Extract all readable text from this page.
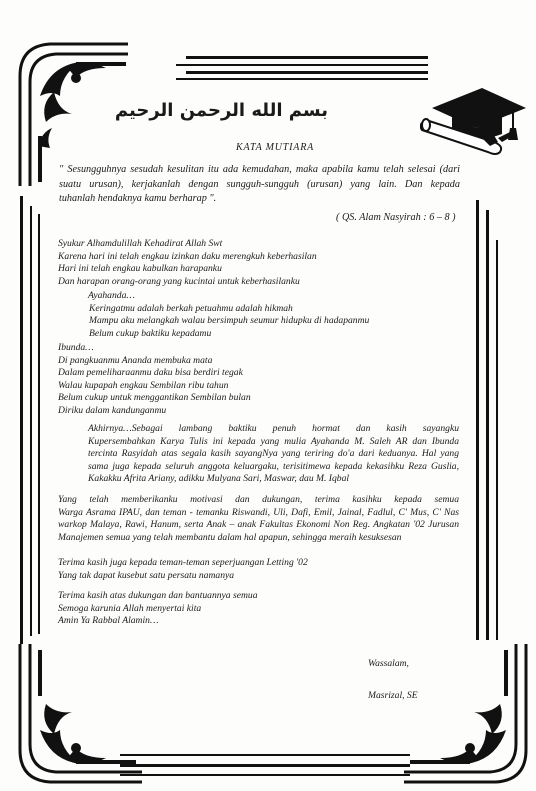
بسم الله الرحمن الرحيم
KATA MUTIARA
" Sesungguhnya sesudah kesulitan itu ada kemudahan, maka apabila kamu telah selesai (dari
suatu urusan), kerjakanlah dengan sungguh-sungguh (urusan) yang lain. Dan kepada
tuhanlah hendaknya kamu berharap ".
( QS. Alam Nasyirah : 6 – 8 )
Syukur Alhamdulillah Kehadirat Allah Swt
Karena hari ini telah engkau izinkan daku merengkuh keberhasilan
Hari ini telah engkau kabulkan harapanku
Dan harapan orang-orang yang kucintai untuk keberhasilanku
Ayahanda…
Keringatmu adalah berkah petuahmu adalah hikmah
Mampu aku melangkah walau bersimpuh seumur hidupku di hadapanmu
Belum cukup baktiku kepadamu
Ibunda…
Di pangkuanmu Ananda membuka mata
Dalam pemeliharaanmu daku bisa berdiri tegak
Walau kupapah engkau Sembilan ribu tahun
Belum cukup untuk menggantikan Sembilan bulan
Diriku dalam kandunganmu
Akhirnya…Sebagai lambang baktiku penuh hormat dan kasih sayangku
Kupersembahkan Karya Tulis ini kepada yang mulia Ayahanda M. Saleh AR dan Ibunda
tercinta Rasyidah atas segala kasih sayangNya yang teriring do'a dari keduanya. Hal yang
sama juga kepada seluruh anggota keluargaku, terisitimewa kepada kekasihku Reza Guslia,
Kakakku Afrita Ariany, adikku Mulyana Sari, Maswar, dau M. Iqbal
Yang telah memberikanku motivasi dan dukungan, terima kasihku kepada semua
Warga Asrama IPAU, dan teman - temanku Riswandi, Uli, Dafi, Emil, Jainal, Fadlul, C' Mus, C' Nas
warkop Malaya, Rawi, Hanum, serta Anak – anak Fakultas Ekonomi Non Reg. Angkatan '02 Jurusan
Manajemen semua yang telah membantu dalam hal apapun, sehingga meraih kesuksesan
Terima kasih juga kepada teman-teman seperjuangan Letting '02
Yang tak dapat kusebut satu persatu namanya
Terima kasih atas dukungan dan bantuannya semua
Semoga karunia Allah menyertai kita
Amin Ya Rabbal Alamin…
Wassalam,
Masrizal, SE
